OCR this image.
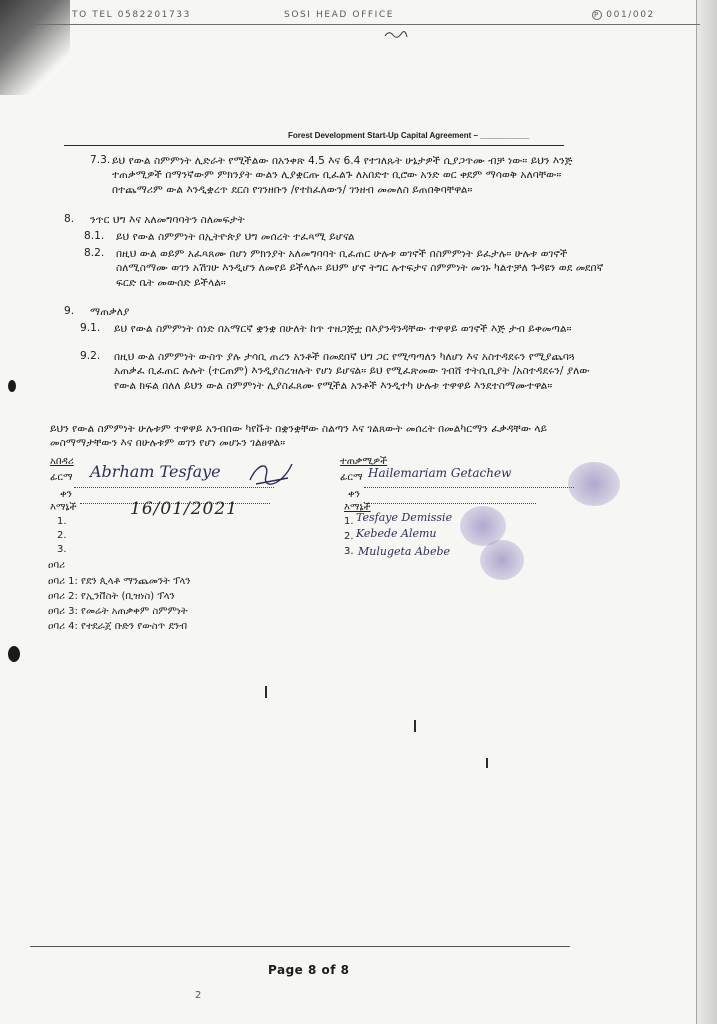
TO TEL 0582201733	SOSI HEAD OFFICE	P 001/002
Forest Development Start-Up Capital Agreement – ___________
7.3. ይህ የውል ስምምነት ሊድራት የሚችልው በአንቀጽ 4.5 እና 6.4 የተገለጹት ሁኔታዎች ሲያጋጥሙ ብቻ ነው። ይህን እንጅ ተጠቃሚዎች በማንኛውም ምክንያት ውልን ሊያቋርጡ ቢፈልጉ ለአበድተ ቢሮው አንድ ወር ቀደም ማሳወቅ አለባቸው። በተጨማሪም ውል እንዲቋረጥ ደርስ የገንዘቡን /የተከፈለውን/ ገንዘብ መመለስ ይጠበቅባቸዋል።
8. ንጥር ህግ እና አለመግባባትን ስለመፍታት
8.1. ይህ የውል ስምምነት በኢትዮጵያ ህግ መሰረት ተፈጻሚ ይሆናል
8.2. በዚህ ውል ወይም አፈጻጸሙ በሆነ ምክንያት አለመግባባት ቢፈጠር ሁሉቱ ወገኖች በስምምነት ይፈታሉ። ሁሉቱ ወገኖች ስለሚስማሙ ወገን አሽገሁ እንዲሆን ለመየይ ይችላሉ። ይህም ሆኖ ትግር ሉተፍታና ስምምነት መገኑ ካልተቻለ ጉዳዩን ወደ መደበኛ ፍርድ ቤት መውሰድ ይችላል።
9. ማጠቃለያ
9.1. ይህ የውል ስምምነት ሰነድ በአማርኛ ቋንቋ በሁለት ከጥ ተዘጋጅቷ በእያንዳንዳቸው ተዋዋይ ወገኖች እጅ ታብ ይቀመጣል።
9.2. በዚህ ውል ስምምነት ውስጥ ያሉ ታሳቢ ጠረን አንቶች በመደበኛ ህግ ጋር የሚጣጣለን ካለሆነ እና አስተዳደሩን የሚያጨባጓ አጠቃፈ ቢፈጠር ሉሉት (ተርጠም) እንዲያስረዝሉት የሆነ ይሆናል። ይህ የሚፈጽመው ገብሸ ተትሲቢያት /አስተዳደሩን/ ያለው የውል ክፍል በለለ ይህን ውል ስምምነት ሊያስፈጸሙ የሚችል አንቶች እንዲተካ ሁሉቱ ተዋዋይ እንደተስማሙተዋል።
ይህን የውል ስምምነት ሁሉቱም ተዋዋይ አንብበው ካየቩት በቋንቋቸው ስልጣን እና ገልጸውት መሰረት በመልካርማን ፈቃዳቸው ላይ መስማማታቸውን እና በሁሉቱም ወገን የሆነ መሆኑን ገልፀዋል።
አበዳሪ
ፊርማ Abrham Tesfaye
ቀን
16/01/2021
እማኔች
1.
2.
3.
ተጠቃሚዎች
ፊርማ Hailemariam Getachew
ቀን
እማኔች
1.
2.
3.
Tesfaye Demissie
Kebede Alemu
Mulugeta Abebe
ዐባሪ
ዐባሪ 1: የደን ጲላቶ ማንጨመንት ፕላን
ዐባሪ 2: የኢንቨስት (ቢዝነስ) ፕላን
ዐባሪ 3: የመሬት አጠቃቀም ስምምነት
ዐባሪ 4: የተደራጀ ቡድን የውስጥ ደንብ
Page 8 of 8
2
